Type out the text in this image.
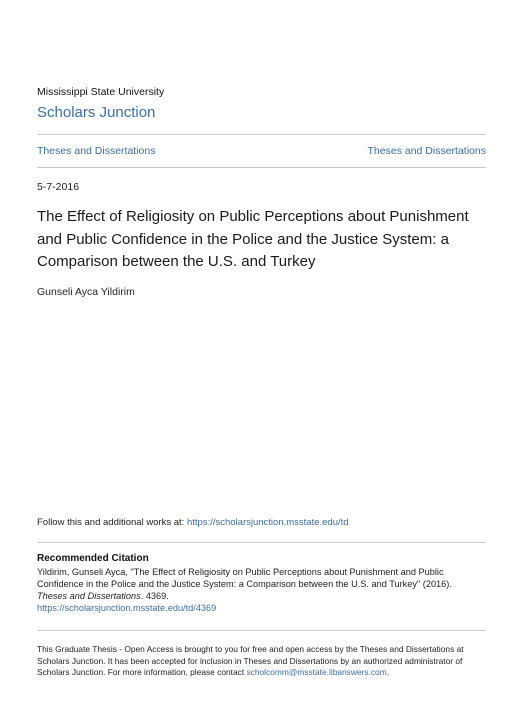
Mississippi State University
Scholars Junction
Theses and Dissertations	Theses and Dissertations
5-7-2016
The Effect of Religiosity on Public Perceptions about Punishment and Public Confidence in the Police and the Justice System: a Comparison between the U.S. and Turkey
Gunseli Ayca Yildirim
Follow this and additional works at: https://scholarsjunction.msstate.edu/td
Recommended Citation
Yildirim, Gunseli Ayca, "The Effect of Religiosity on Public Perceptions about Punishment and Public Confidence in the Police and the Justice System: a Comparison between the U.S. and Turkey" (2016).
Theses and Dissertations. 4369.
https://scholarsjunction.msstate.edu/td/4369
This Graduate Thesis - Open Access is brought to you for free and open access by the Theses and Dissertations at Scholars Junction. It has been accepted for inclusion in Theses and Dissertations by an authorized administrator of Scholars Junction. For more information, please contact scholcomm@msstate.libanswers.com.
